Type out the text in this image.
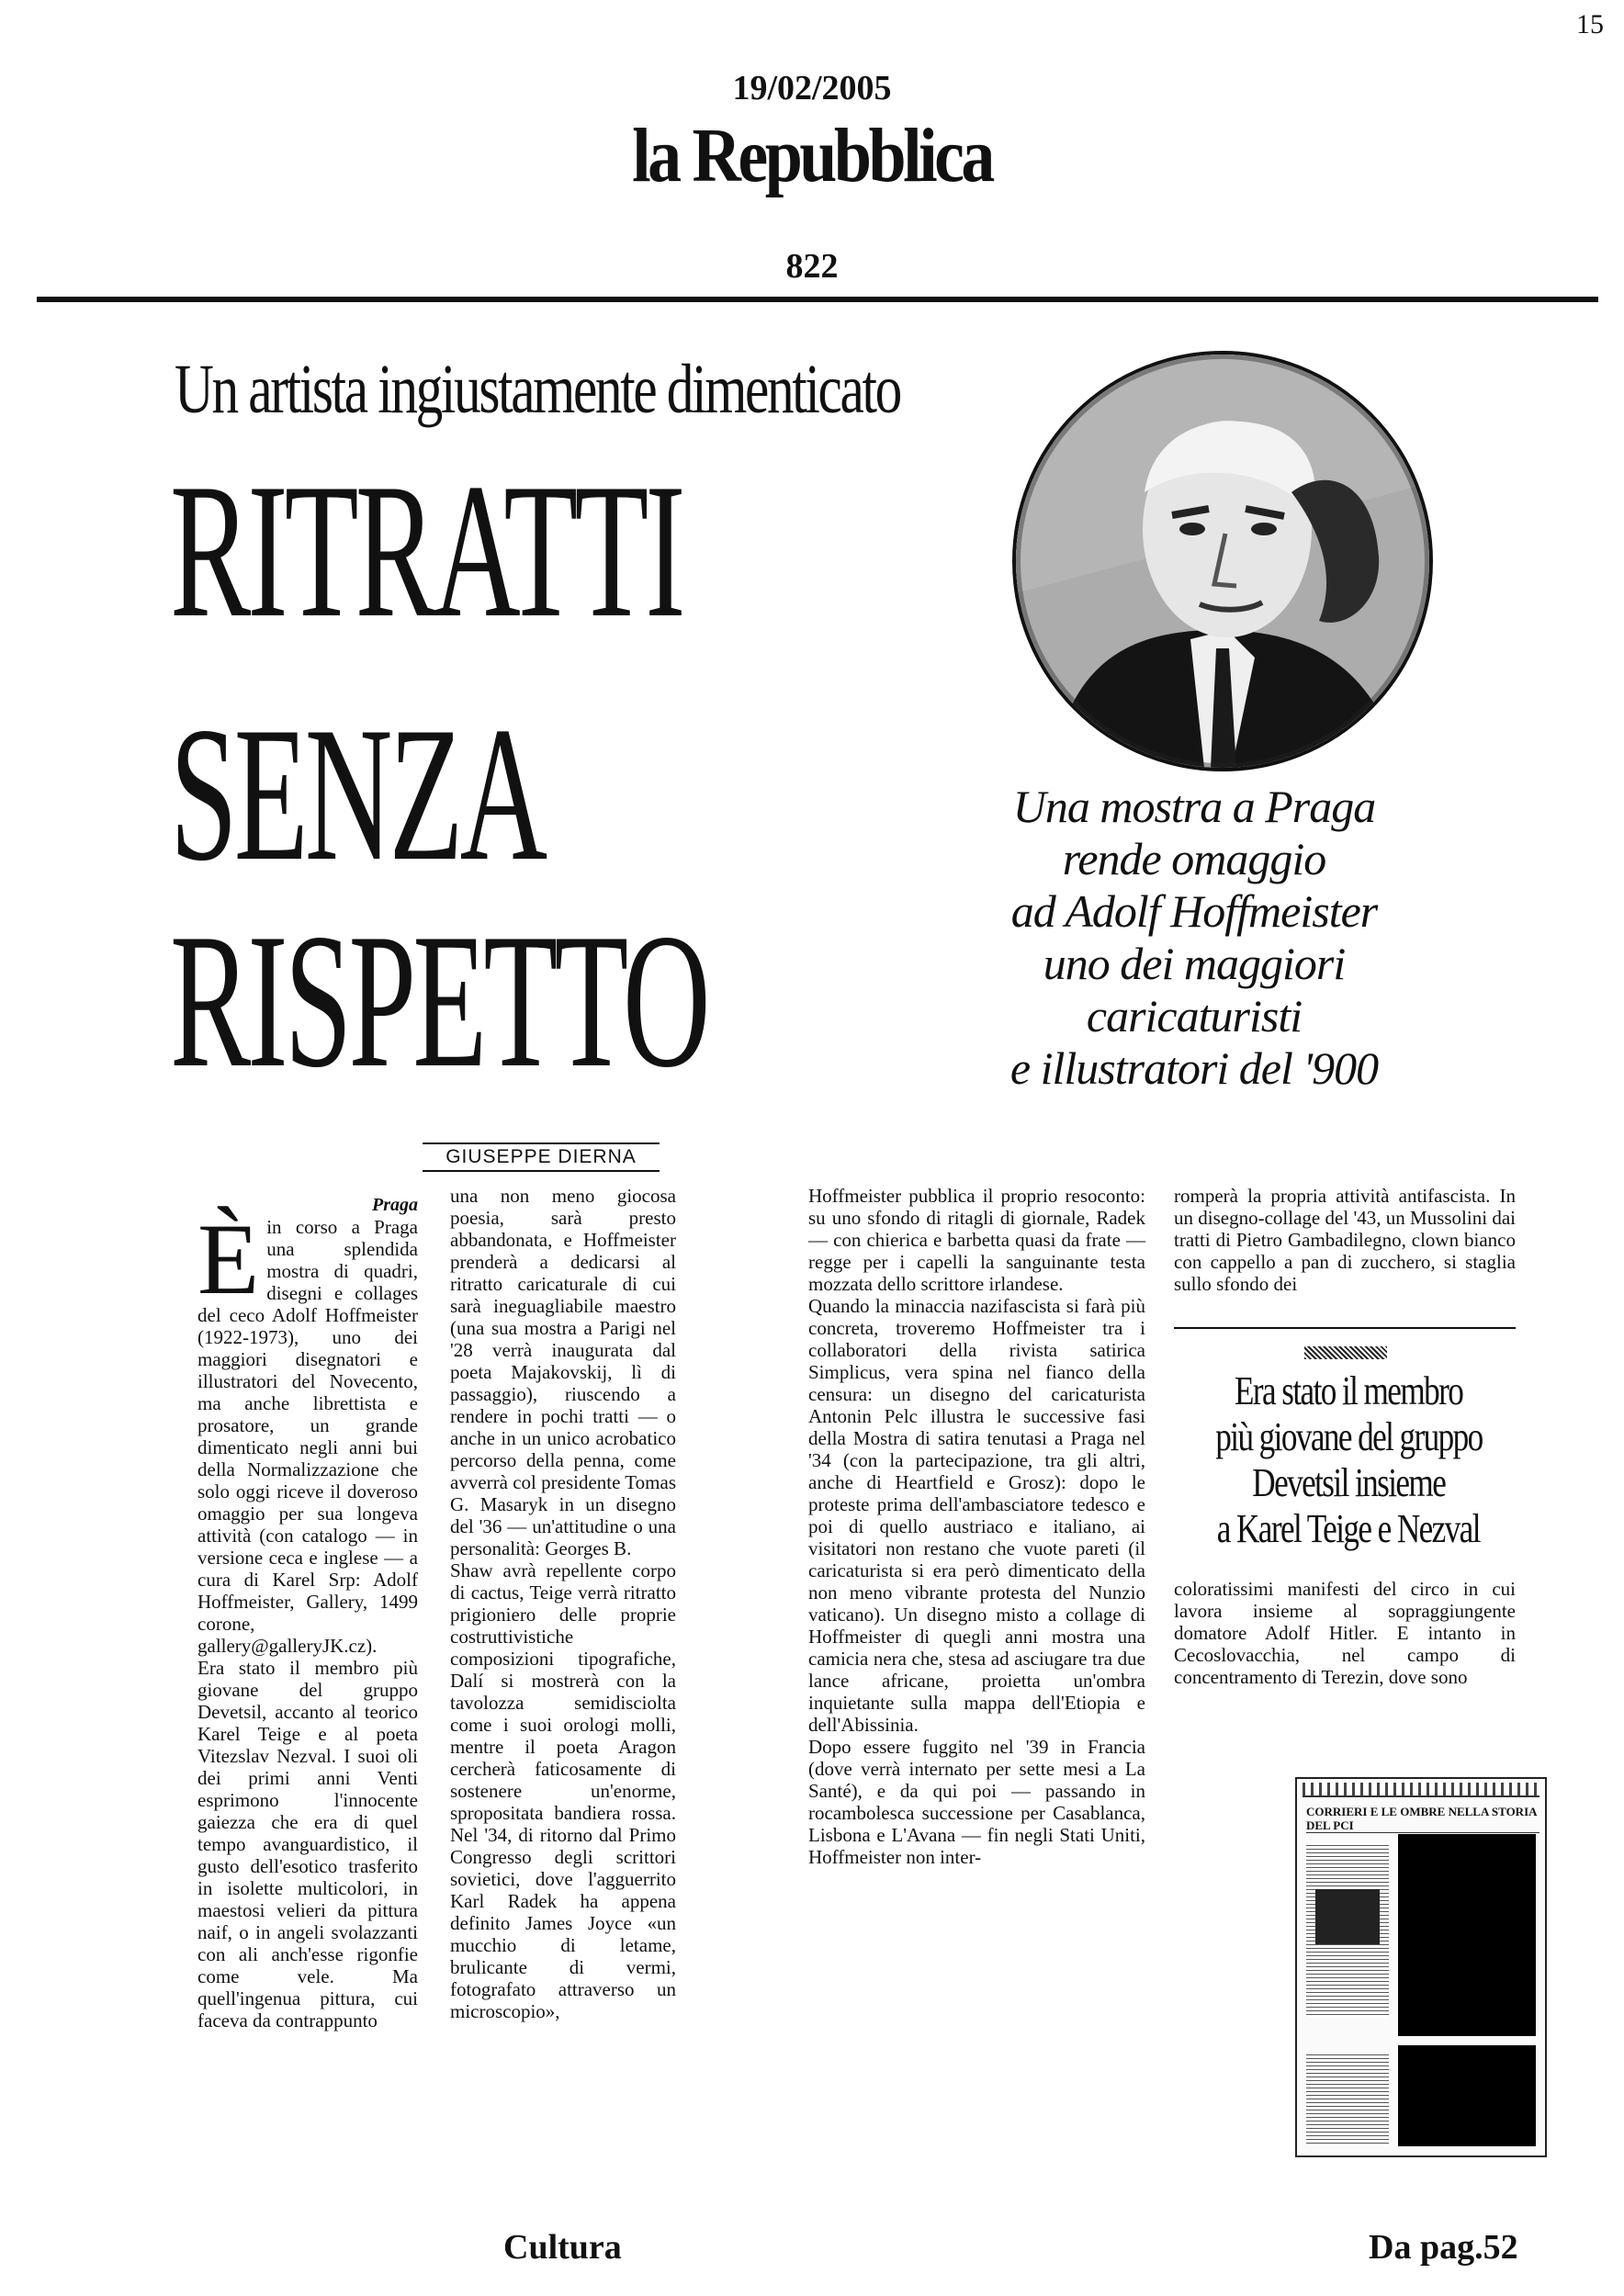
15
19/02/2005
la Repubblica
822
Un artista ingiustamente dimenticato
RITRATTI
SENZA
RISPETTO
Una mostra a Praga
rende omaggio
ad Adolf Hoffmeister
uno dei maggiori
caricaturisti
e illustratori del '900
GIUSEPPE DIERNA
Praga

Èin corso a Praga una splendida mostra di quadri, disegni e collages del ceco Adolf Hoffmeister (1922-1973), uno dei maggiori disegnatori e illustratori del Novecento, ma anche librettista e prosatore, un grande dimenticato negli anni bui della Normalizzazione che solo oggi riceve il doveroso omaggio per sua longeva attività (con catalogo — in versione ceca e inglese — a cura di Karel Srp: Adolf Hoffmeister, Gallery, 1499 corone, gallery@galleryJK.cz).

Era stato il membro più giovane del gruppo Devetsil, accanto al teorico Karel Teige e al poeta Vitezslav Nezval. I suoi oli dei primi anni Venti esprimono l'innocente gaiezza che era di quel tempo avanguardistico, il gusto dell'esotico trasferito in isolette multicolori, in maestosi velieri da pittura naif, o in angeli svolazzanti con ali anch'esse rigonfie come vele. Ma quell'ingenua pittura, cui faceva da contrappunto

una non meno giocosa poesia, sarà presto abbandonata, e Hoffmeister prenderà a dedicarsi al ritratto caricaturale di cui sarà ineguagliabile maestro (una sua mostra a Parigi nel '28 verrà inaugurata dal poeta Majakovskij, lì di passaggio), riuscendo a rendere in pochi tratti — o anche in un unico acrobatico percorso della penna, come avverrà col presidente Tomas G. Masaryk in un disegno del '36 — un'attitudine o una personalità: Georges B.

Shaw avrà repellente corpo di cactus, Teige verrà ritratto prigioniero delle proprie costruttivistiche composizioni tipografiche, Dalí si mostrerà con la tavolozza semidisciolta come i suoi orologi molli, mentre il poeta Aragon cercherà faticosamente di sostenere un'enorme, spropositata bandiera rossa. Nel '34, di ritorno dal Primo Congresso degli scrittori sovietici, dove l'agguerrito Karl Radek ha appena definito James Joyce «un mucchio di letame, brulicante di vermi, fotografato attraverso un microscopio»,

Hoffmeister pubblica il proprio resoconto: su uno sfondo di ritagli di giornale, Radek — con chierica e barbetta quasi da frate — regge per i capelli la sanguinante testa mozzata dello scrittore irlandese.

Quando la minaccia nazifascista si farà più concreta, troveremo Hoffmeister tra i collaboratori della rivista satirica Simplicus, vera spina nel fianco della censura: un disegno del caricaturista Antonin Pelc illustra le successive fasi della Mostra di satira tenutasi a Praga nel '34 (con la partecipazione, tra gli altri, anche di Heartfield e Grosz): dopo le proteste prima dell'ambasciatore tedesco e poi di quello austriaco e italiano, ai visitatori non restano che vuote pareti (il caricaturista si era però dimenticato della non meno vibrante protesta del Nunzio vaticano). Un disegno misto a collage di Hoffmeister di quegli anni mostra una camicia nera che, stesa ad asciugare tra due lance africane, proietta un'ombra inquietante sulla mappa dell'Etiopia e dell'Abissinia.

Dopo essere fuggito nel '39 in Francia (dove verrà internato per sette mesi a La Santé), e da qui poi — passando in rocambolesca successione per Casablanca, Lisbona e L'Avana — fin negli Stati Uniti, Hoffmeister non inter-

romperà la propria attività antifascista. In un disegno-collage del '43, un Mussolini dai tratti di Pietro Gambadilegno, clown bianco con cappello a pan di zucchero, si staglia sullo sfondo dei

Era stato il membro
più giovane del gruppo
Devetsil insieme
a Karel Teige e Nezval

coloratissimi manifesti del circo in cui lavora insieme al sopraggiungente domatore Adolf Hitler. E intanto in Cecoslovacchia, nel campo di concentramento di Terezin, dove sono

CORRIERI E LE OMBRE NELLA STORIA DEL PCI
Cultura	Da pag.52
